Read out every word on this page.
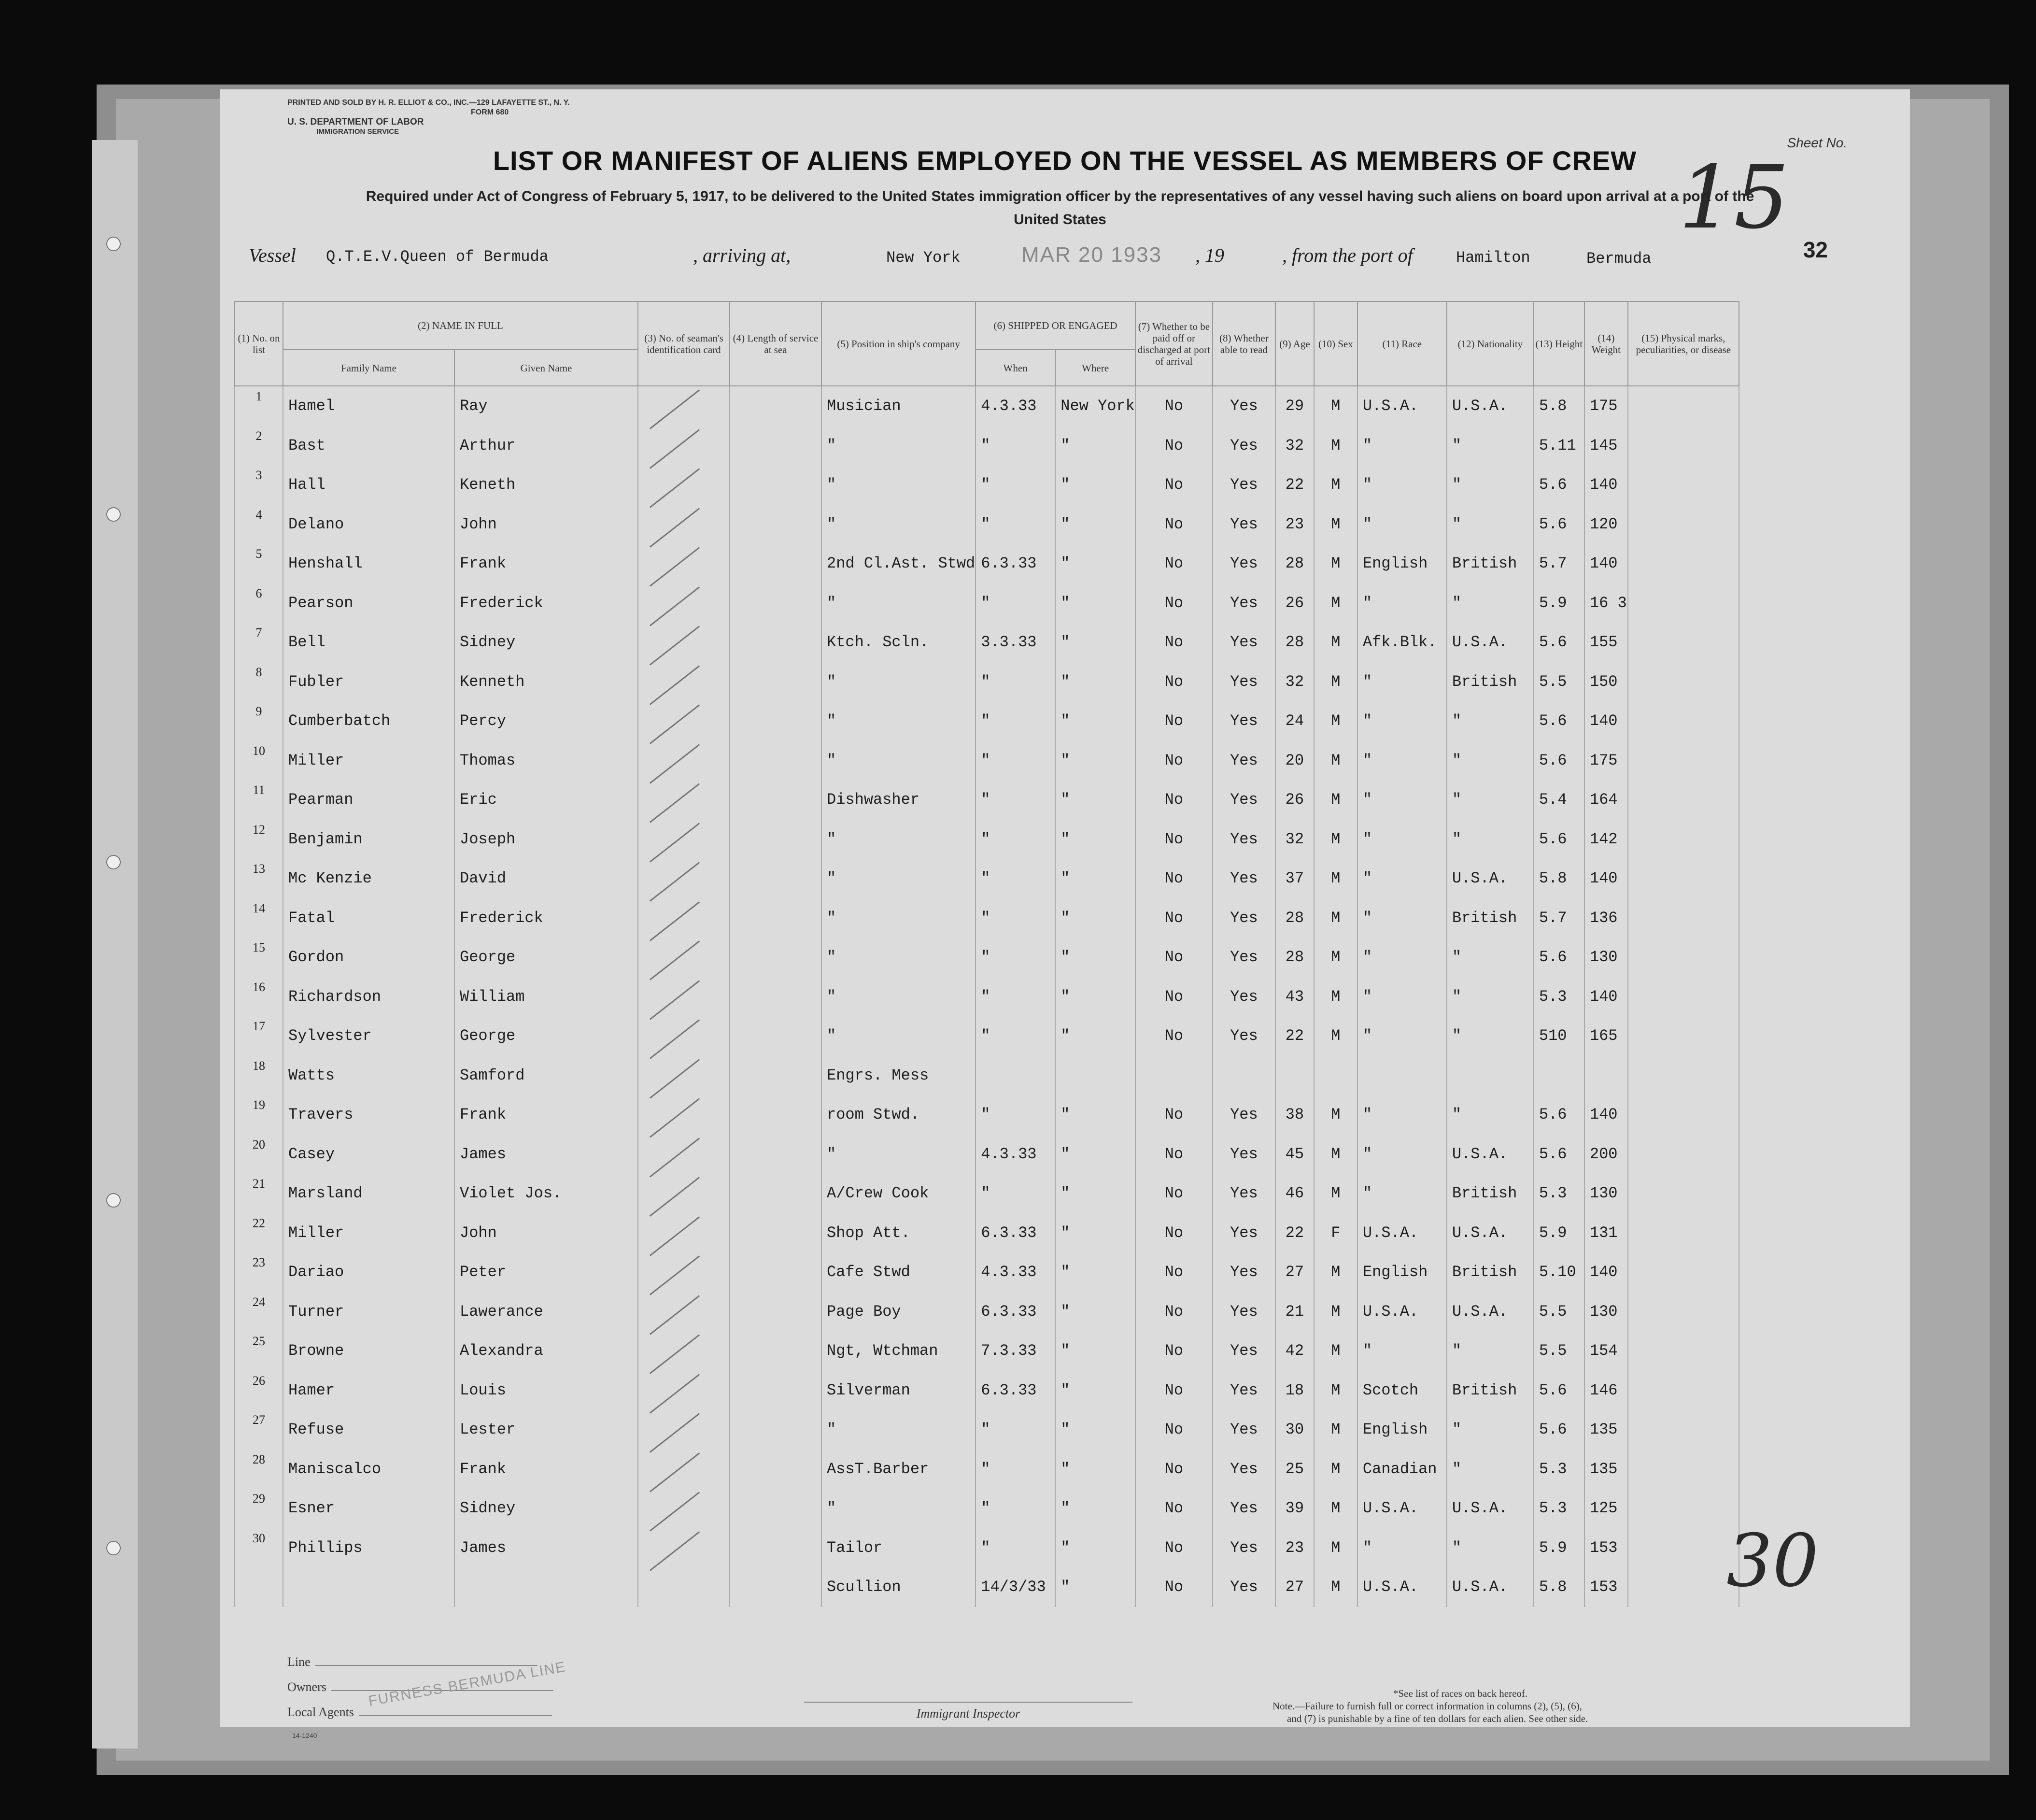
PRINTED AND SOLD BY H. R. ELLIOT & CO., INC.—129 LAFAYETTE ST., N. Y.
FORM 680
U. S. DEPARTMENT OF LABOR
IMMIGRATION SERVICE
Sheet No.
15
32
LIST OR MANIFEST OF ALIENS EMPLOYED ON THE VESSEL AS MEMBERS OF CREW
Required under Act of Congress of February 5, 1917, to be delivered to the United States immigration officer by the representatives of any vessel having such aliens on board upon arrival at a port of the United States
Vessel Q.T.E.V.Queen of Bermuda	, arriving at,	New York	MAR 20 1933 , 19	, from the port of	Hamilton	Bermuda
(1) No. on list	(2) NAME IN FULL		(3) No. of seaman's identification card	(4) Length of service at sea	(5) Position in ship's company	(6) SHIPPED OR ENGAGED		(7) Whether to be paid off or discharged at port of arrival	(8) Whether able to read	(9) Age	(10) Sex	(11) Race	(12) Nationality	(13) Height	(14) Weight	(15) Physical marks, peculiarities, or disease
	Family Name	Given Name				When	Where									
1	Hamel	Ray			Musician	4.3.33	New York	No	Yes	29	M	U.S.A.	U.S.A.	5.8	175	
2	Bast	Arthur			"	"	"	No	Yes	32	M	"	"	5.11	145	
3	Hall	Keneth			"	"	"	No	Yes	22	M	"	"	5.6	140	
4	Delano	John			"	"	"	No	Yes	23	M	"	"	5.6	120	
5	Henshall	Frank			2nd Cl.Ast. Stwd	6.3.33	"	No	Yes	28	M	English	British	5.7	140	
6	Pearson	Frederick			"	"	"	No	Yes	26	M	"	"	5.9	16 3	
7	Bell	Sidney			Ktch. Scln.	3.3.33	"	No	Yes	28	M	Afk.Blk.	U.S.A.	5.6	155	
8	Fubler	Kenneth			"	"	"	No	Yes	32	M	"	British	5.5	150	
9	Cumberbatch	Percy			"	"	"	No	Yes	24	M	"	"	5.6	140	
10	Miller	Thomas			"	"	"	No	Yes	20	M	"	"	5.6	175	
11	Pearman	Eric			Dishwasher	"	"	No	Yes	26	M	"	"	5.4	164	
12	Benjamin	Joseph			"	"	"	No	Yes	32	M	"	"	5.6	142	
13	Mc Kenzie	David			"	"	"	No	Yes	37	M	"	U.S.A.	5.8	140	
14	Fatal	Frederick			"	"	"	No	Yes	28	M	"	British	5.7	136	
15	Gordon	George			"	"	"	No	Yes	28	M	"	"	5.6	130	
16	Richardson	William			"	"	"	No	Yes	43	M	"	"	5.3	140	
17	Sylvester	George			"	"	"	No	Yes	22	M	"	"	510	165	
18	Watts	Samford			Engrs. Mess											
19	Travers	Frank			room Stwd.	"	"	No	Yes	38	M	"	"	5.6	140	
20	Casey	James			"	4.3.33	"	No	Yes	45	M	"	U.S.A.	5.6	200	
21	Marsland	Violet Jos.			A/Crew Cook	"	"	No	Yes	46	M	"	British	5.3	130	
22	Miller	John			Shop Att.	6.3.33	"	No	Yes	22	F	U.S.A.	U.S.A.	5.9	131	
23	Dariao	Peter			Cafe Stwd	4.3.33	"	No	Yes	27	M	English	British	5.10	140	
24	Turner	Lawerance			Page Boy	6.3.33	"	No	Yes	21	M	U.S.A.	U.S.A.	5.5	130	
25	Browne	Alexandra			Ngt, Wtchman	7.3.33	"	No	Yes	42	M	"	"	5.5	154	
26	Hamer	Louis			Silverman	6.3.33	"	No	Yes	18	M	Scotch	British	5.6	146	
27	Refuse	Lester			"	"	"	No	Yes	30	M	English	"	5.6	135	
28	Maniscalco	Frank			AssT.Barber	"	"	No	Yes	25	M	Canadian	"	5.3	135	
29	Esner	Sidney			"	"	"	No	Yes	39	M	U.S.A.	U.S.A.	5.3	125	
30	Phillips	James			Tailor	"	"	No	Yes	23	M	"	"	5.9	153	
					Scullion	14/3/33	"	No	Yes	27	M	U.S.A.	U.S.A.	5.8	153	
Line
Owners
Local Agents
FURNESS BERMUDA LINE
14-1240
Immigrant Inspector
*See list of races on back hereof.
Note.—Failure to furnish full or correct information in columns (2), (5), (6),
and (7) is punishable by a fine of ten dollars for each alien. See other side.
30
